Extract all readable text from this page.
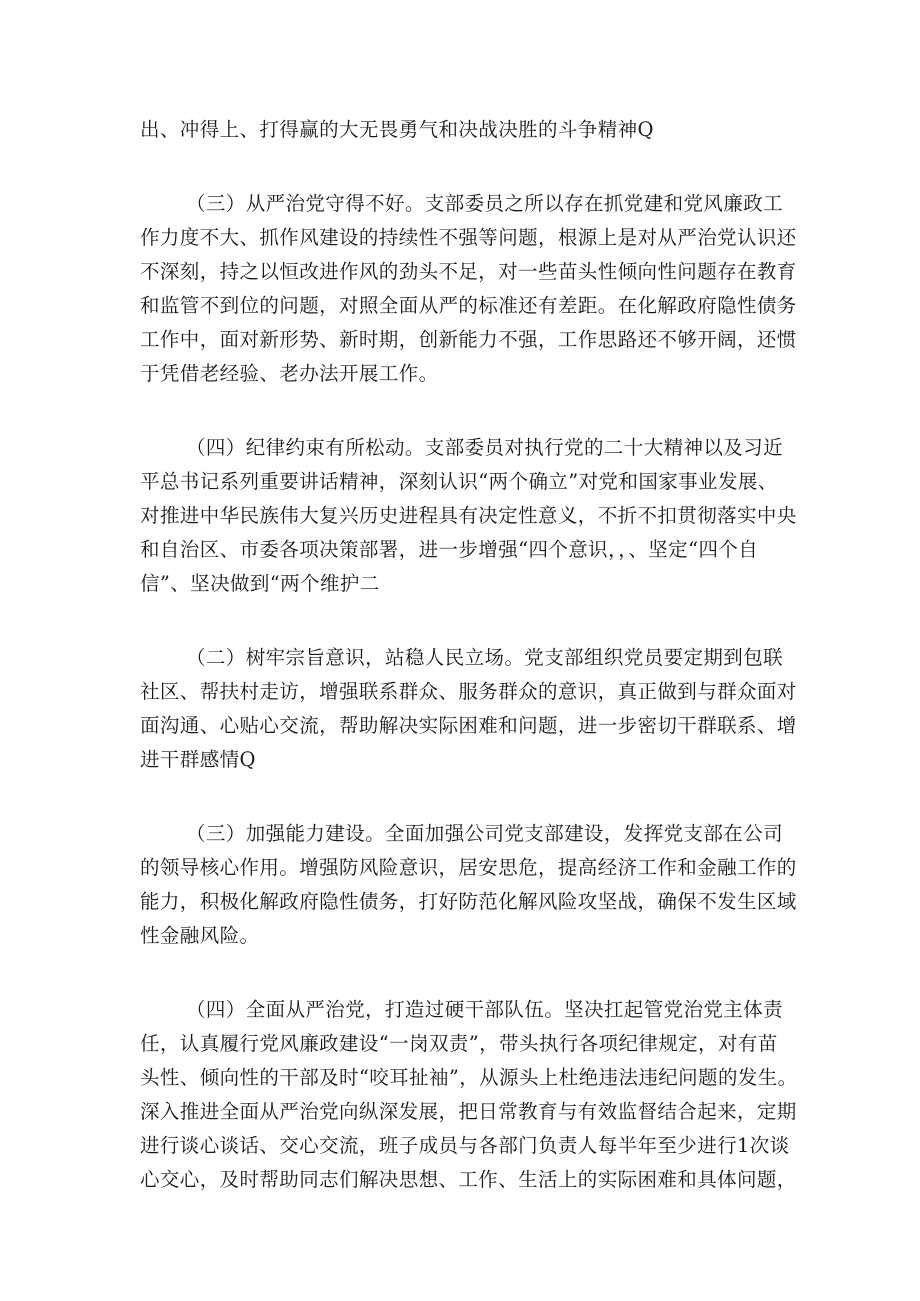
出、冲得上、打得赢的大无畏勇气和决战决胜的斗争精神Q

（三）从严治党守得不好。支部委员之所以存在抓党建和党风廉政工
作力度不大、抓作风建设的持续性不强等问题，根源上是对从严治党认识还
不深刻，持之以恒改进作风的劲头不足，对一些苗头性倾向性问题存在教育
和监管不到位的问题，对照全面从严的标准还有差距。在化解政府隐性债务
工作中，面对新形势、新时期，创新能力不强，工作思路还不够开阔，还惯
于凭借老经验、老办法开展工作。

（四）纪律约束有所松动。支部委员对执行党的二十大精神以及习近
平总书记系列重要讲话精神，深刻认识“两个确立”对党和国家事业发展、
对推进中华民族伟大复兴历史进程具有决定性意义，不折不扣贯彻落实中央
和自治区、市委各项决策部署，进一步增强“四个意识，，、坚定“四个自
信”、坚决做到“两个维护二

（二）树牢宗旨意识，站稳人民立场。党支部组织党员要定期到包联
社区、帮扶村走访，增强联系群众、服务群众的意识，真正做到与群众面对
面沟通、心贴心交流，帮助解决实际困难和问题，进一步密切干群联系、增
进干群感情Q

（三）加强能力建设。全面加强公司党支部建设，发挥党支部在公司
的领导核心作用。增强防风险意识，居安思危，提高经济工作和金融工作的
能力，积极化解政府隐性债务，打好防范化解风险攻坚战，确保不发生区域
性金融风险。

（四）全面从严治党，打造过硬干部队伍。坚决扛起管党治党主体责
任，认真履行党风廉政建设“一岗双责”，带头执行各项纪律规定，对有苗
头性、倾向性的干部及时“咬耳扯袖”，从源头上杜绝违法违纪问题的发生。
深入推进全面从严治党向纵深发展，把日常教育与有效监督结合起来，定期
进行谈心谈话、交心交流，班子成员与各部门负责人每半年至少进行1次谈
心交心，及时帮助同志们解决思想、工作、生活上的实际困难和具体问题，
